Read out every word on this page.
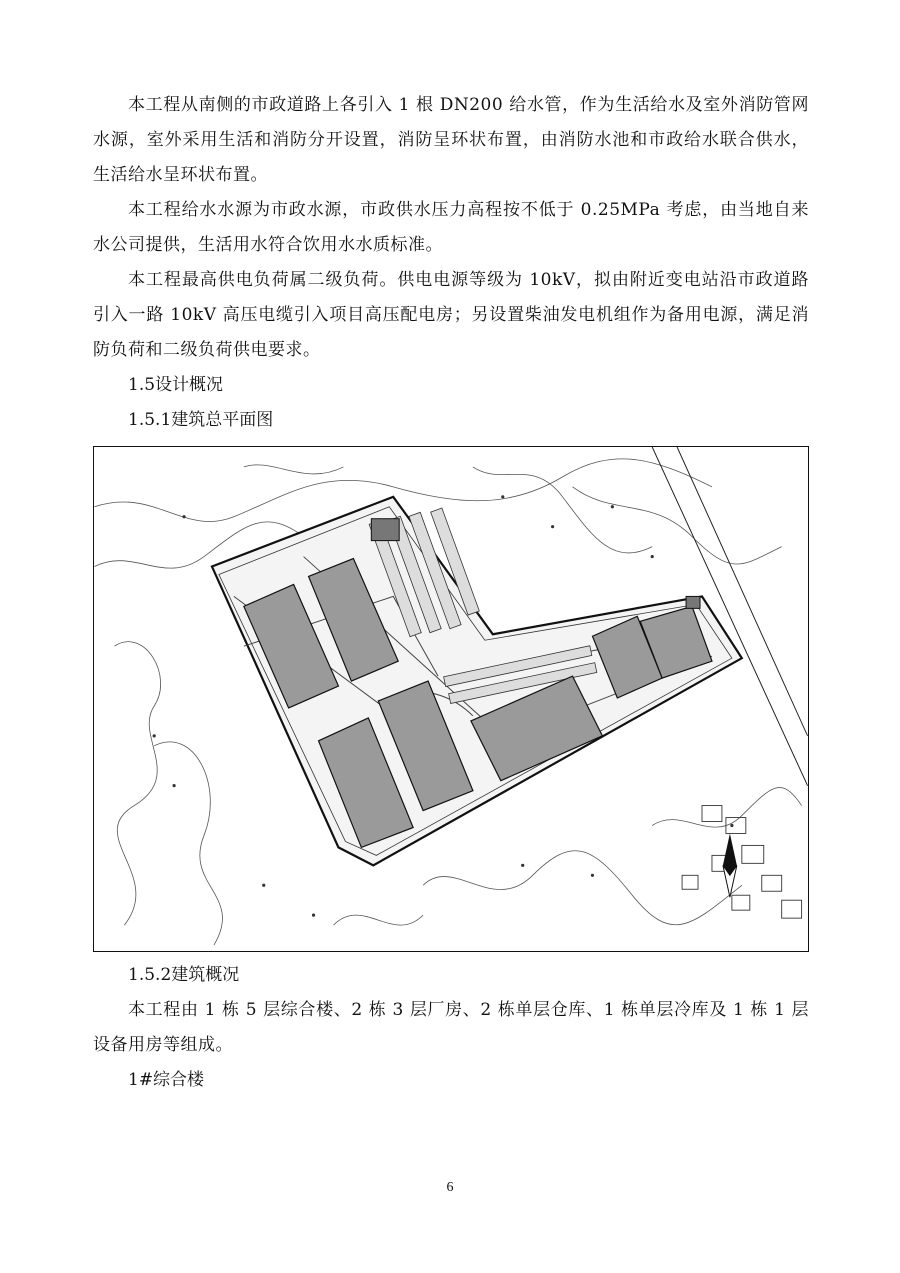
本工程从南侧的市政道路上各引入 1 根 DN200 给水管，作为生活给水及室外消防管网水源，室外采用生活和消防分开设置，消防呈环状布置，由消防水池和市政给水联合供水，生活给水呈环状布置。

本工程给水水源为市政水源，市政供水压力高程按不低于 0.25MPa 考虑，由当地自来水公司提供，生活用水符合饮用水水质标准。

本工程最高供电负荷属二级负荷。供电电源等级为 10kV，拟由附近变电站沿市政道路引入一路 10kV 高压电缆引入项目高压配电房；另设置柴油发电机组作为备用电源，满足消防负荷和二级负荷供电要求。

1.5设计概况

1.5.1建筑总平面图

1.5.2建筑概况

本工程由 1 栋 5 层综合楼、2 栋 3 层厂房、2 栋单层仓库、1 栋单层冷库及 1 栋 1 层设备用房等组成。

1#综合楼

6
